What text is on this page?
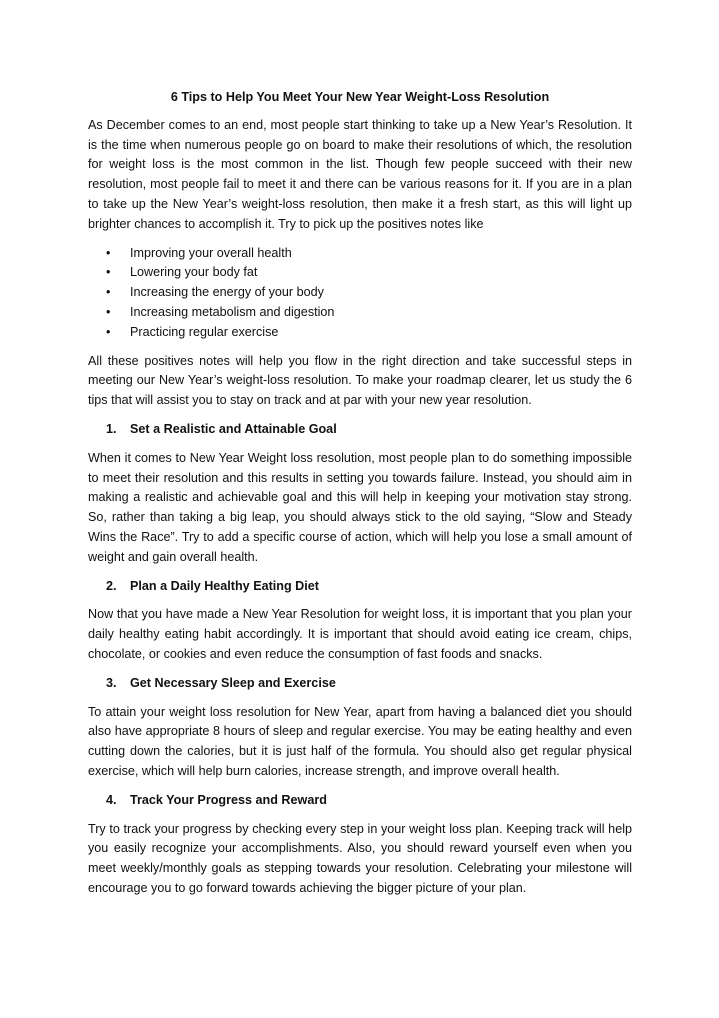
6 Tips to Help You Meet Your New Year Weight-Loss Resolution

As December comes to an end, most people start thinking to take up a New Year’s Resolution. It is the time when numerous people go on board to make their resolutions of which, the resolution for weight loss is the most common in the list. Though few people succeed with their new resolution, most people fail to meet it and there can be various reasons for it. If you are in a plan to take up the New Year’s weight-loss resolution, then make it a fresh start, as this will light up brighter chances to accomplish it. Try to pick up the positives notes like

• Improving your overall health
• Lowering your body fat
• Increasing the energy of your body
• Increasing metabolism and digestion
• Practicing regular exercise

All these positives notes will help you flow in the right direction and take successful steps in meeting our New Year’s weight-loss resolution. To make your roadmap clearer, let us study the 6 tips that will assist you to stay on track and at par with your new year resolution.

1. Set a Realistic and Attainable Goal

When it comes to New Year Weight loss resolution, most people plan to do something impossible to meet their resolution and this results in setting you towards failure. Instead, you should aim in making a realistic and achievable goal and this will help in keeping your motivation stay strong. So, rather than taking a big leap, you should always stick to the old saying, “Slow and Steady Wins the Race”. Try to add a specific course of action, which will help you lose a small amount of weight and gain overall health.

2. Plan a Daily Healthy Eating Diet

Now that you have made a New Year Resolution for weight loss, it is important that you plan your daily healthy eating habit accordingly. It is important that should avoid eating ice cream, chips, chocolate, or cookies and even reduce the consumption of fast foods and snacks.

3. Get Necessary Sleep and Exercise

To attain your weight loss resolution for New Year, apart from having a balanced diet you should also have appropriate 8 hours of sleep and regular exercise. You may be eating healthy and even cutting down the calories, but it is just half of the formula. You should also get regular physical exercise, which will help burn calories, increase strength, and improve overall health.

4. Track Your Progress and Reward

Try to track your progress by checking every step in your weight loss plan. Keeping track will help you easily recognize your accomplishments. Also, you should reward yourself even when you meet weekly/monthly goals as stepping towards your resolution. Celebrating your milestone will encourage you to go forward towards achieving the bigger picture of your plan.
